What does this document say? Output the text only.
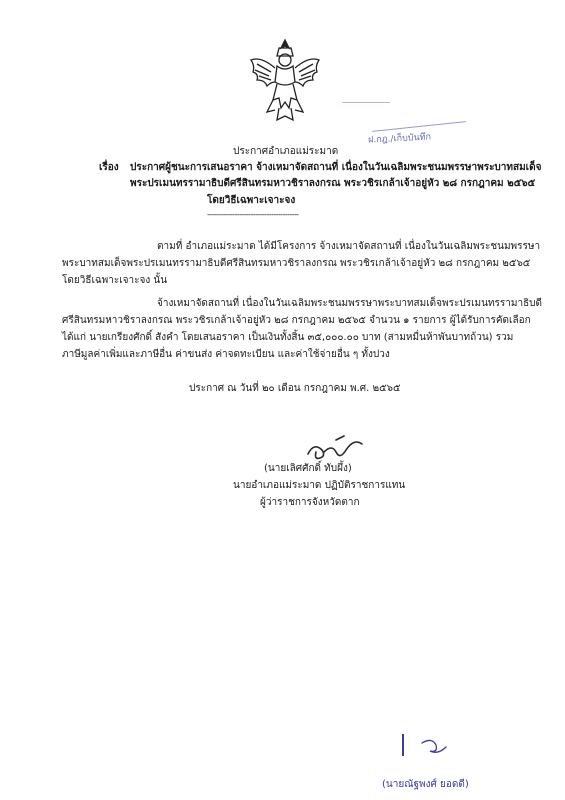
ฝ.กฎ./เก็บบันทึก
ประกาศอำเภอแม่ระมาด
เรื่อง ประกาศผู้ชนะการเสนอราคา จ้างเหมาจัดสถานที่ เนื่องในวันเฉลิมพระชนมพรรษาพระบาทสมเด็จ
พระปรเมนทรรามาธิบดีศรีสินทรมหาวชิราลงกรณ พระวชิรเกล้าเจ้าอยู่หัว ๒๘ กรกฎาคม ๒๕๖๕
โดยวิธีเฉพาะเจาะจง
----------------------------------------
ตามที่ อำเภอแม่ระมาด ได้มีโครงการ จ้างเหมาจัดสถานที่ เนื่องในวันเฉลิมพระชนมพรรษา
พระบาทสมเด็จพระปรเมนทรรามาธิบดีศรีสินทรมหาวชิราลงกรณ พระวชิรเกล้าเจ้าอยู่หัว ๒๘ กรกฎาคม ๒๕๖๕
โดยวิธีเฉพาะเจาะจง นั้น
จ้างเหมาจัดสถานที่ เนื่องในวันเฉลิมพระชนมพรรษาพระบาทสมเด็จพระปรเมนทรรามาธิบดี
ศรีสินทรมหาวชิราลงกรณ พระวชิรเกล้าเจ้าอยู่หัว ๒๘ กรกฎาคม ๒๕๖๕ จำนวน ๑ รายการ ผู้ได้รับการคัดเลือก
ได้แก่ นายเกรียงศักดิ์ สังคำ โดยเสนอราคา เป็นเงินทั้งสิ้น ๓๕,๐๐๐.๐๐ บาท (สามหมื่นห้าพันบาทถ้วน) รวม
ภาษีมูลค่าเพิ่มและภาษีอื่น ค่าขนส่ง ค่าจดทะเบียน และค่าใช้จ่ายอื่น ๆ ทั้งปวง
ประกาศ ณ วันที่ ๒๐ เดือน กรกฎาคม พ.ศ. ๒๕๖๕
(นายเลิศศักดิ์ ทับผึ้ง)
นายอำเภอแม่ระมาด ปฏิบัติราชการแทน
ผู้ว่าราชการจังหวัดตาก
(นายณัฐพงศ์ ยอดดี)
